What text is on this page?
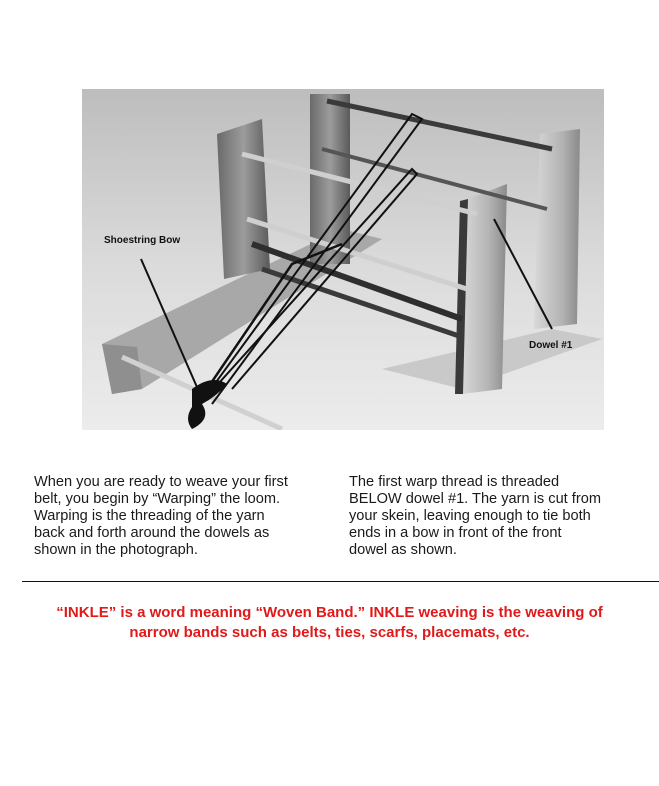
Shoestring Bow
Dowel #1

When you are ready to weave your first

belt, you begin by “Warping” the loom.

Warping is the threading of the yarn

back and forth around the dowels as

shown in the photograph.

The first warp thread is threaded

BELOW dowel #1. The yarn is cut from

your skein, leaving enough to tie both

ends in a bow in front of the front

dowel as shown.

“INKLE” is a word meaning “Woven Band.” INKLE weaving is the weaving of

narrow bands such as belts, ties, scarfs, placemats, etc.
